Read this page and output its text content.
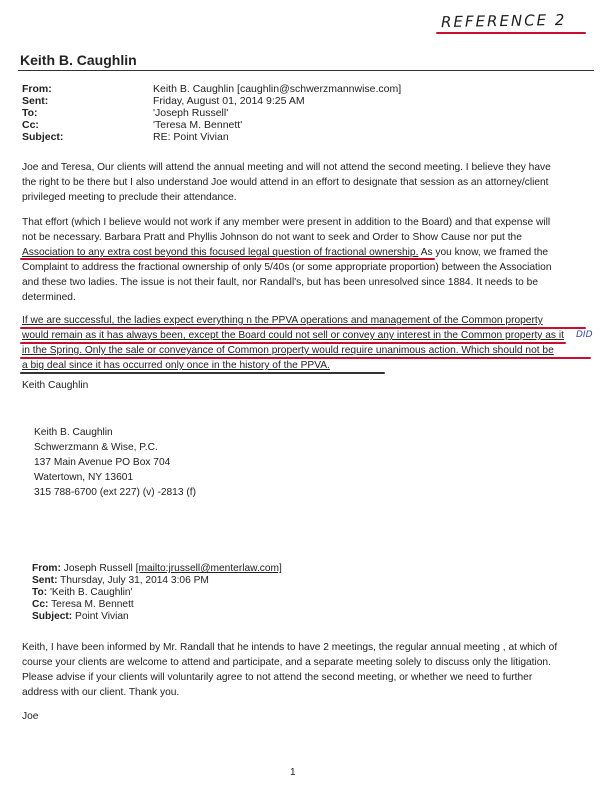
REFERENCE 2
Keith B. Caughlin
From:
Sent:
To:
Cc:
Subject:
Keith B. Caughlin [caughlin@schwerzmannwise.com]
Friday, August 01, 2014 9:25 AM
'Joseph Russell'
'Teresa M. Bennett'
RE: Point Vivian
Joe and Teresa, Our clients will attend the annual meeting and will not attend the second meeting. I believe they have
the right to be there but I also understand Joe would attend in an effort to designate that session as an attorney/client
privileged meeting to preclude their attendance.
That effort (which I believe would not work if any member were present in addition to the Board) and that expense will
not be necessary. Barbara Pratt and Phyllis Johnson do not want to seek and Order to Show Cause nor put the
Association to any extra cost beyond this focused legal question of fractional ownership. As you know, we framed the
Complaint to address the fractional ownership of only 5/40s (or some appropriate proportion) between the Association
and these two ladies. The issue is not their fault, nor Randall's, but has been unresolved since 1884. It needs to be
determined.
If we are successful, the ladies expect everything n the PPVA operations and management of the Common property
would remain as it has always been, except the Board could not sell or convey any interest in the Common property as it
in the Spring. Only the sale or conveyance of Common property would require unanimous action. Which should not be
a big deal since it has occurred only once in the history of the PPVA.
DID
Keith Caughlin
Keith B. Caughlin
Schwerzmann & Wise, P.C.
137 Main Avenue PO Box 704
Watertown, NY 13601
315 788-6700 (ext 227) (v) -2813 (f)
From: Joseph Russell [mailto:jrussell@menterlaw.com]
Sent: Thursday, July 31, 2014 3:06 PM
To: 'Keith B. Caughlin'
Cc: Teresa M. Bennett
Subject: Point Vivian
Keith, I have been informed by Mr. Randall that he intends to have 2 meetings, the regular annual meeting , at which of
course your clients are welcome to attend and participate, and a separate meeting solely to discuss only the litigation.
Please advise if your clients will voluntarily agree to not attend the second meeting, or whether we need to further
address with our client. Thank you.
Joe
1
